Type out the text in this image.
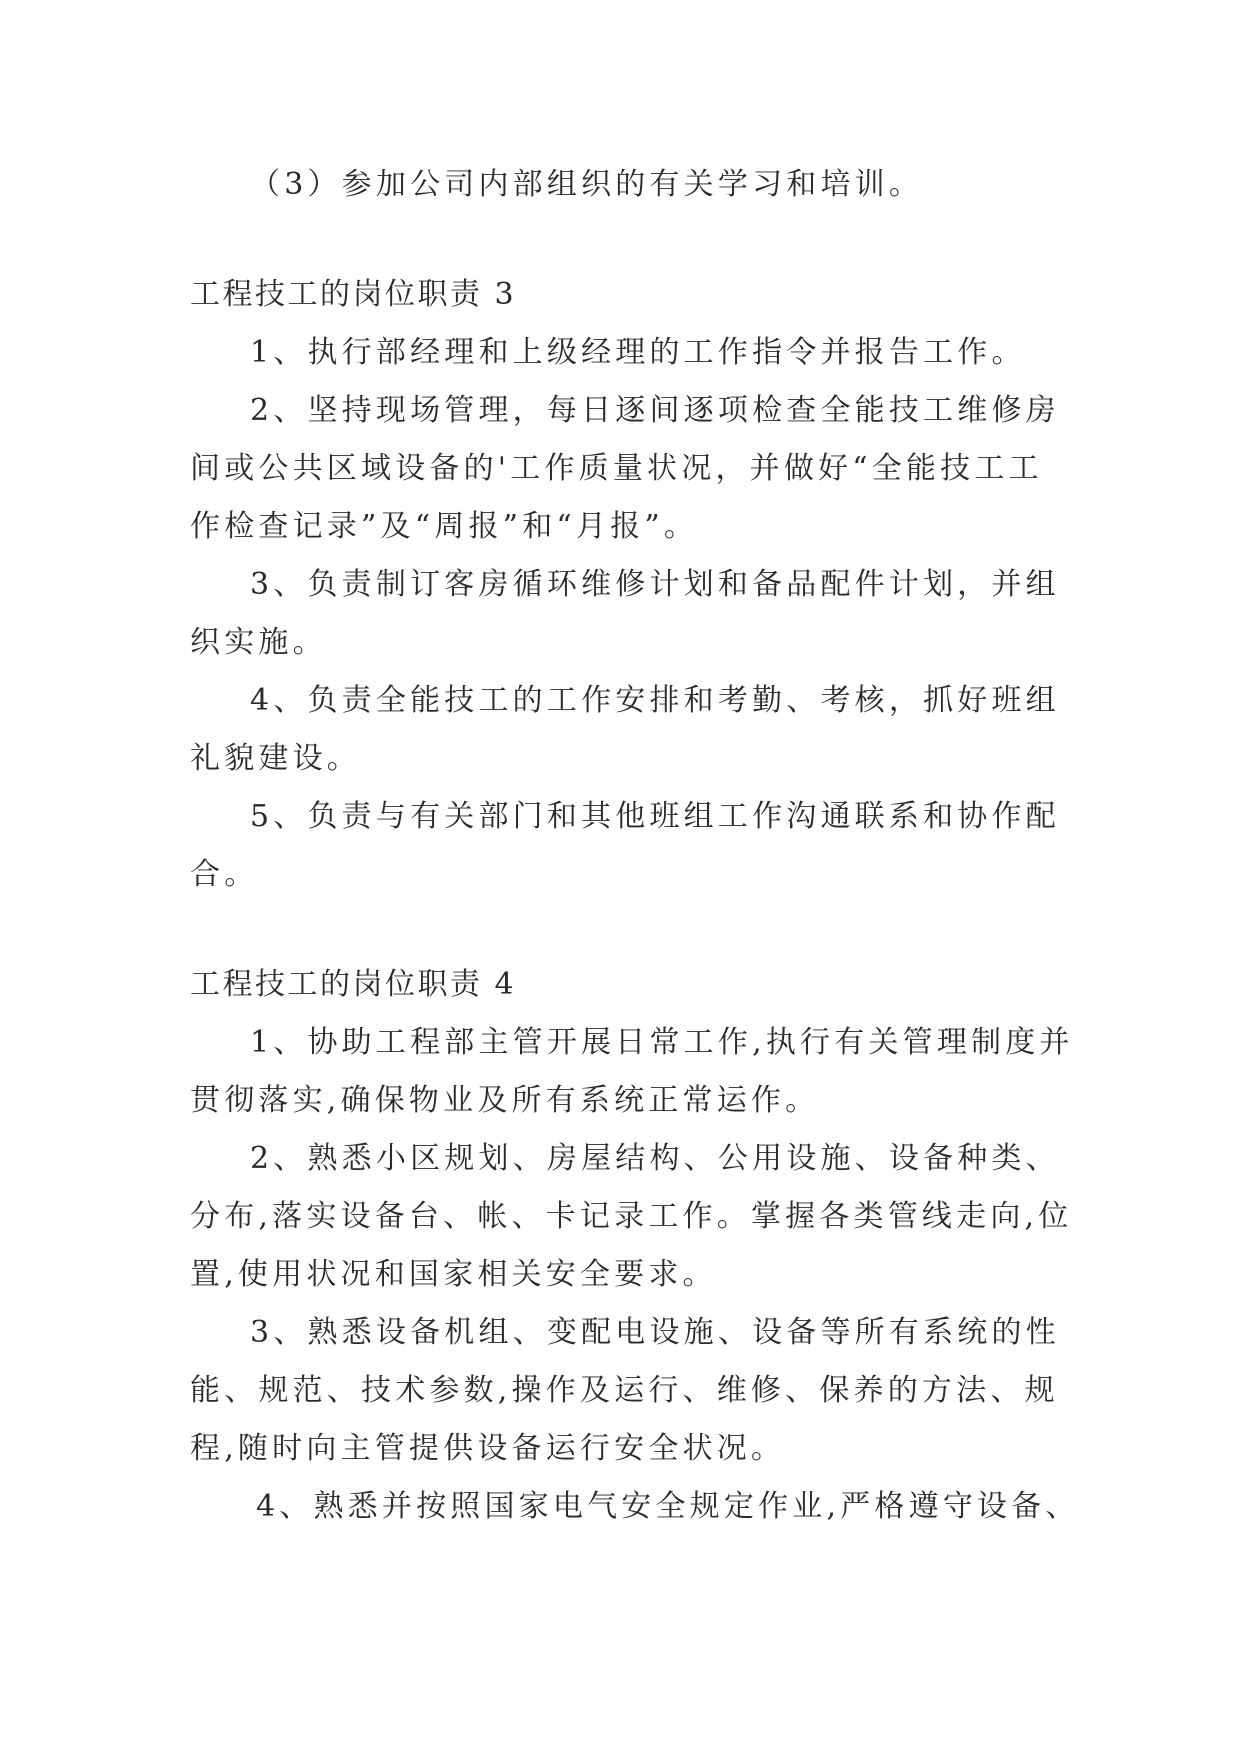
（3）参加公司内部组织的有关学习和培训。
工程技工的岗位职责 3
1、执行部经理和上级经理的工作指令并报告工作。
2、坚持现场管理，每日逐间逐项检查全能技工维修房
间或公共区域设备的'工作质量状况，并做好“全能技工工
作检查记录”及“周报”和“月报”。
3、负责制订客房循环维修计划和备品配件计划，并组
织实施。
4、负责全能技工的工作安排和考勤、考核，抓好班组
礼貌建设。
5、负责与有关部门和其他班组工作沟通联系和协作配
合。
工程技工的岗位职责 4
1、协助工程部主管开展日常工作,执行有关管理制度并
贯彻落实,确保物业及所有系统正常运作。
2、熟悉小区规划、房屋结构、公用设施、设备种类、
分布,落实设备台、帐、卡记录工作。掌握各类管线走向,位
置,使用状况和国家相关安全要求。
3、熟悉设备机组、变配电设施、设备等所有系统的性
能、规范、技术参数,操作及运行、维修、保养的方法、规
程,随时向主管提供设备运行安全状况。
4、熟悉并按照国家电气安全规定作业,严格遵守设备、
